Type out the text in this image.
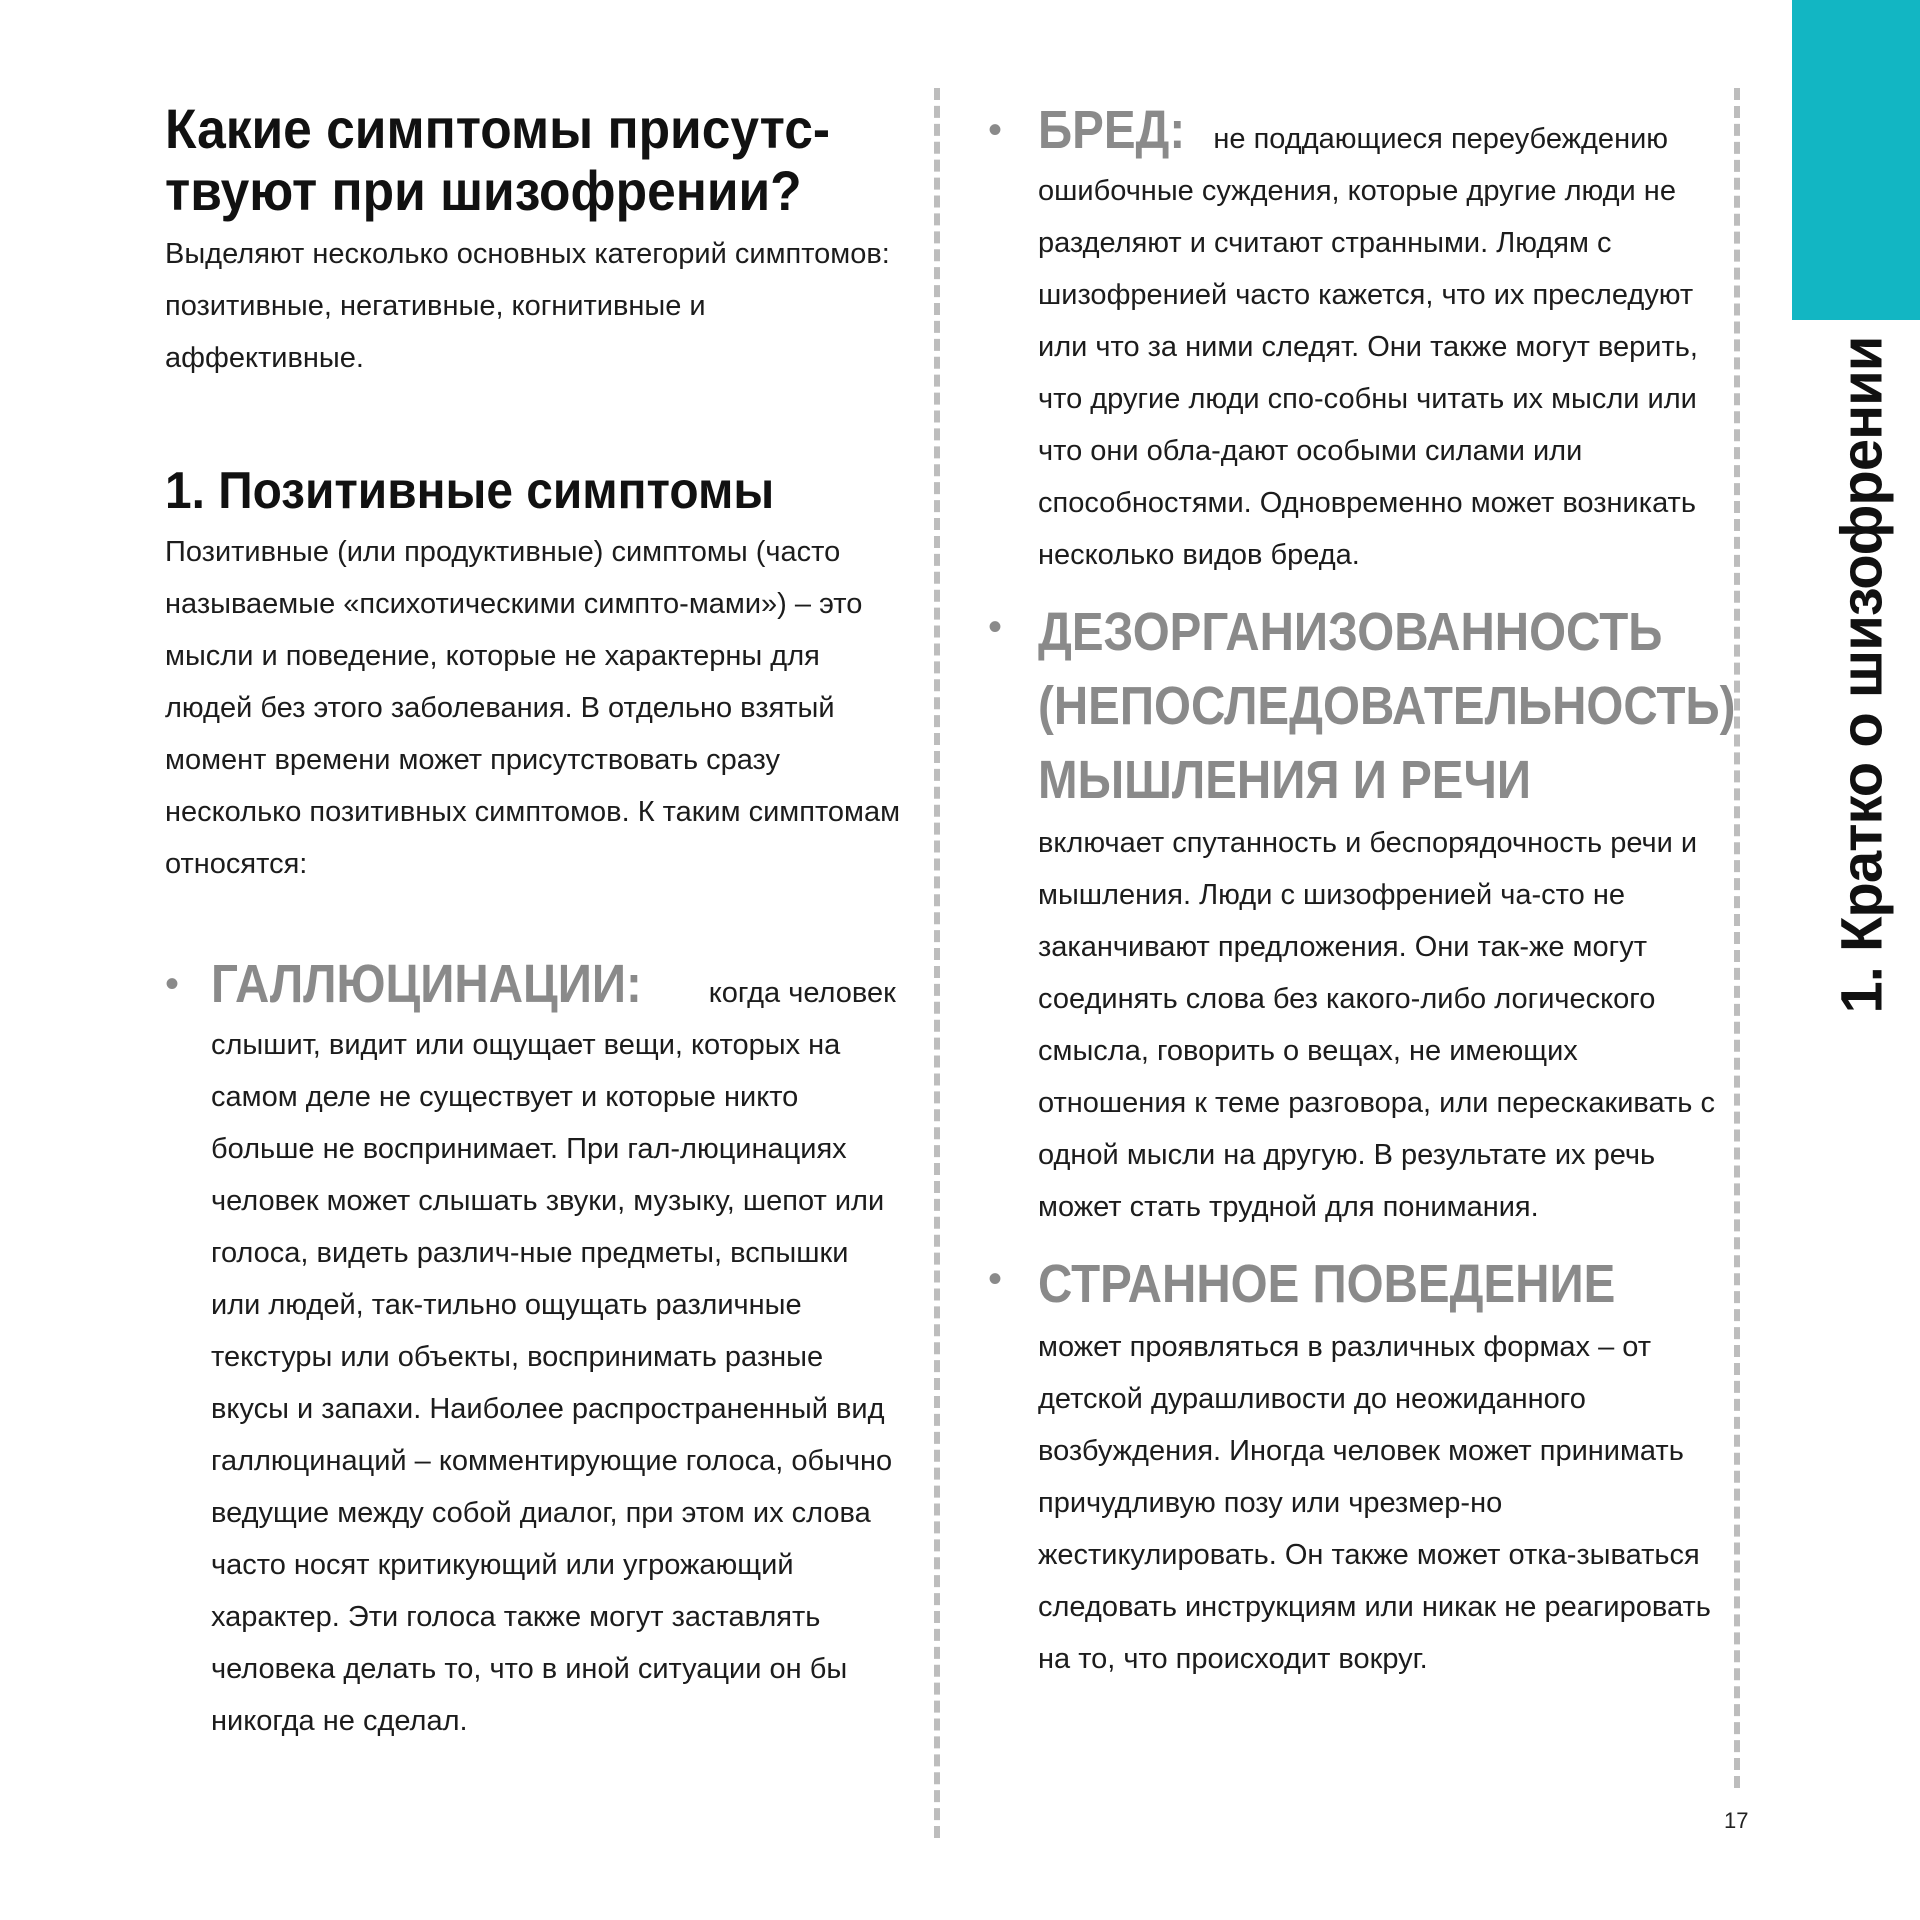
1. Кратко о шизофрении
Какие симптомы присутс-
твуют при шизофрении?

Выделяют несколько основных категорий симптомов: позитивные, негативные, когнитивные и аффективные.

1. Позитивные симптомы

Позитивные (или продуктивные) симптомы (часто называемые «психотическими симпто-мами») – это мысли и поведение, которые не характерны для людей без этого заболевания. В отдельно взятый момент времени может присутствовать сразу несколько позитивных симптомов. К таким симптомам относятся:

• ГАЛЛЮЦИНАЦИИ: когда человек слышит, видит или ощущает вещи, которых на самом деле не существует и которые никто больше не воспринимает. При гал-люцинациях человек может слышать звуки, музыку, шепот или голоса, видеть различ-ные предметы, вспышки или людей, так-тильно ощущать различные текстуры или объекты, воспринимать разные вкусы и запахи. Наиболее распространенный вид галлюцинаций – комментирующие голоса, обычно ведущие между собой диалог, при этом их слова часто носят критикующий или угрожающий характер. Эти голоса также могут заставлять человека делать то, что в иной ситуации он бы никогда не сделал.

• БРЕД: не поддающиеся переубеждению ошибочные суждения, которые другие люди не разделяют и считают странными. Людям с шизофренией часто кажется, что их преследуют или что за ними следят. Они также могут верить, что другие люди спо-собны читать их мысли или что они обла-дают особыми силами или способностями. Одновременно может возникать несколько видов бреда.

• ДЕЗОРГАНИЗОВАННОСТЬ
(НЕПОСЛЕДОВАТЕЛЬНОСТЬ)
МЫШЛЕНИЯ И РЕЧИ

включает спутанность и беспорядочность речи и мышления. Люди с шизофренией ча-сто не заканчивают предложения. Они так-же могут соединять слова без какого-либо логического смысла, говорить о вещах, не имеющих отношения к теме разговора, или перескакивать с одной мысли на другую. В результате их речь может стать трудной для понимания.

• СТРАННОЕ ПОВЕДЕНИЕ

может проявляться в различных формах – от детской дурашливости до неожиданного возбуждения. Иногда человек может принимать причудливую позу или чрезмер-но жестикулировать. Он также может отка-зываться следовать инструкциям или никак не реагировать на то, что происходит вокруг.

17
